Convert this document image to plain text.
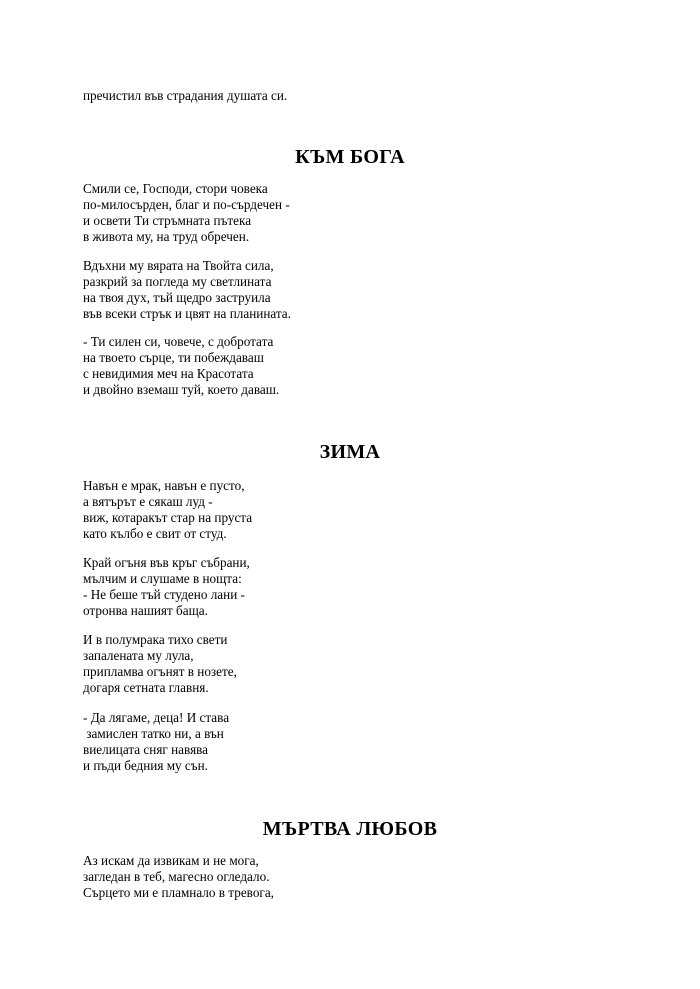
пречистил във страдания душата си.
КЪМ БОГА
Смили се, Господи, стори човека
по-милосърден, благ и по-сърдечен -
и освети Ти стръмната пътека
в живота му, на труд обречен.
Вдъхни му вярата на Твойта сила,
разкрий за погледа му светлината
на твоя дух, тъй щедро заструила
във всеки стрък и цвят на планината.
- Ти силен си, човече, с добротата
на твоето сърце, ти побеждаваш
с невидимия меч на Красотата
и двойно вземаш туй, което даваш.
ЗИМА
Навън е мрак, навън е пусто,
а вятърът е сякаш луд -
виж, котаракът стар на пруста
като кълбо е свит от студ.
Край огъня във кръг събрани,
мълчим и слушаме в нощта:
- Не беше тъй студено лани -
отронва нашият баща.
И в полумрака тихо свети
запалената му лула,
припламва огънят в нозете,
догаря сетната главня.
- Да лягаме, деца! И става
замислен татко ни, а вън
виелицата сняг навява
и пъди бедния му сън.
МЪРТВА ЛЮБОВ
Аз искам да извикам и не мога,
загледан в теб, магесно огледало.
Сърцето ми е пламнало в тревога,
